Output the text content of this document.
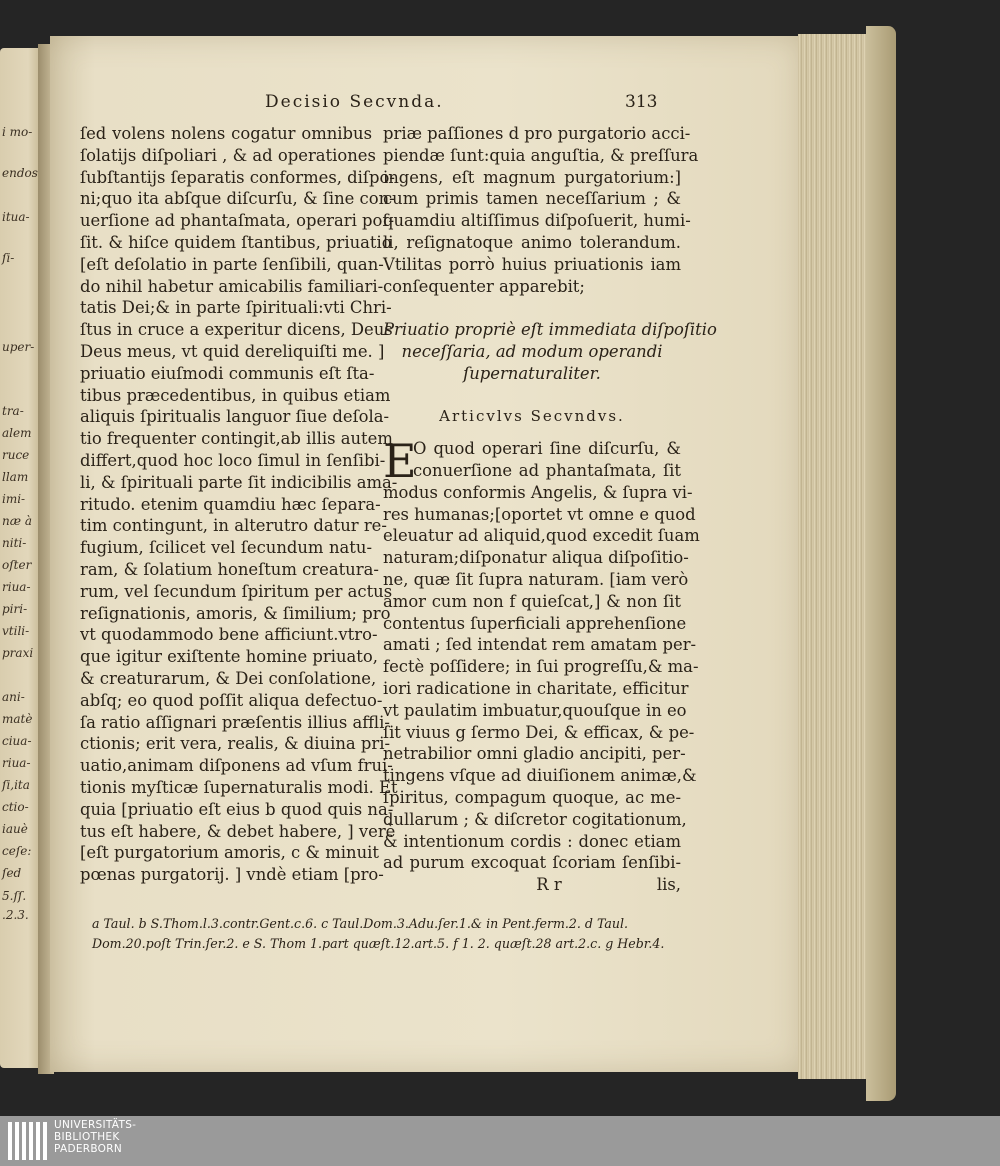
i mo-
endos
itua-
ſi-
uper-
tra-
alem
ruce
llam
imi-
næ à
niti-
oſter
riua-
piri-
vtili-
praxi
ani-
matè
ciua-
riua-
ſi,ita
ctio-
iauè
ceſe:
ſed
5.ſſ.
.2.3.
Decisio Secvnda.	313
ſed volens nolens cogatur omnibus
ſolatijs diſpoliari , & ad operationes
ſubſtantijs ſeparatis conformes, diſpo-
ni;quo ita abſque diſcurſu, & ſine con-
uerſione ad phantaſmata, operari poſ-
ſit. & hiſce quidem ſtantibus, priuatio
[eſt deſolatio in parte ſenſibili, quan-
do nihil habetur amicabilis familiari-
tatis Dei;& in parte ſpirituali:vti Chri-
ſtus in cruce a experitur dicens, Deus
Deus meus, vt quid dereliquiſti me. ]
priuatio eiuſmodi communis eſt ſta-
tibus præcedentibus, in quibus etiam
aliquis ſpiritualis languor ſiue deſola-
tio frequenter contingit,ab illis autem
differt,quod hoc loco ſimul in ſenſibi-
li, & ſpirituali parte ſit indicibilis ama-
ritudo. etenim quamdiu hæc ſepara-
tim contingunt, in alterutro datur re-
fugium, ſcilicet vel ſecundum natu-
ram, & ſolatium honeſtum creatura-
rum, vel ſecundum ſpiritum per actus
reſignationis, amoris, & ſimilium; pro
vt quodammodo bene afficiunt.vtro-
que igitur exiſtente homine priuato,
& creaturarum, & Dei conſolatione,
abſq; eo quod poſſit aliqua defectuo-
ſa ratio aſſignari præſentis illius affli-
ctionis; erit vera, realis, & diuina pri-
uatio,animam diſponens ad vſum frui-
tionis myſticæ ſupernaturalis modi. Et
quia [priuatio eſt eius b quod quis na-
tus eſt habere, & debet habere, ] verè
[eſt purgatorium amoris, c & minuit
pœnas purgatorij. ] vndè etiam [pro-
priæ paſſiones d pro purgatorio acci-
piendæ ſunt:quia anguſtia, & preſſura
ingens, eſt magnum purgatorium:]
cum primis tamen neceſſarium ; &
quamdiu altiſſimus diſpoſuerit, humi-
li, reſignatoque animo tolerandum.
Vtilitas porrò huius priuationis iam
conſequenter apparebit;
Priuatio propriè eſt immediata diſpoſitio
neceſſaria, ad modum operandi
ſupernaturaliter.
Articvlvs Secvndvs.
E
O quod operari ſine diſcurſu, &
conuerſione ad phantaſmata, ſit
modus conformis Angelis, & ſupra vi-
res humanas;[oportet vt omne e quod
eleuatur ad aliquid,quod excedit ſuam
naturam;diſponatur aliqua diſpoſitio-
ne, quæ ſit ſupra naturam. [iam verò
amor cum non f quieſcat,] & non ſit
contentus ſuperficiali apprehenſione
amati ; ſed intendat rem amatam per-
fectè poſſidere; in ſui progreſſu,& ma-
iori radicatione in charitate, efficitur
vt paulatim imbuatur,quouſque in eo
ſit viuus g ſermo Dei, & efficax, & pe-
netrabilior omni gladio ancipiti, per-
tingens vſque ad diuiſionem animæ,&
ſpiritus, compagum quoque, ac me-
dullarum ; & diſcretor cogitationum,
& intentionum cordis : donec etiam
ad purum excoquat ſcoriam ſenſibi-
R r	lis,
a Taul. b S.Thom.l.3.contr.Gent.c.6. c Taul.Dom.3.Adu.ſer.1.& in Pent.ferm.2. d Taul.
Dom.20.poſt Trin.ſer.2. e S. Thom 1.part quæſt.12.art.5. f 1. 2. quæſt.28 art.2.c. g Hebr.4.
UNIVERSITÄTS-
BIBLIOTHEK
PADERBORN
